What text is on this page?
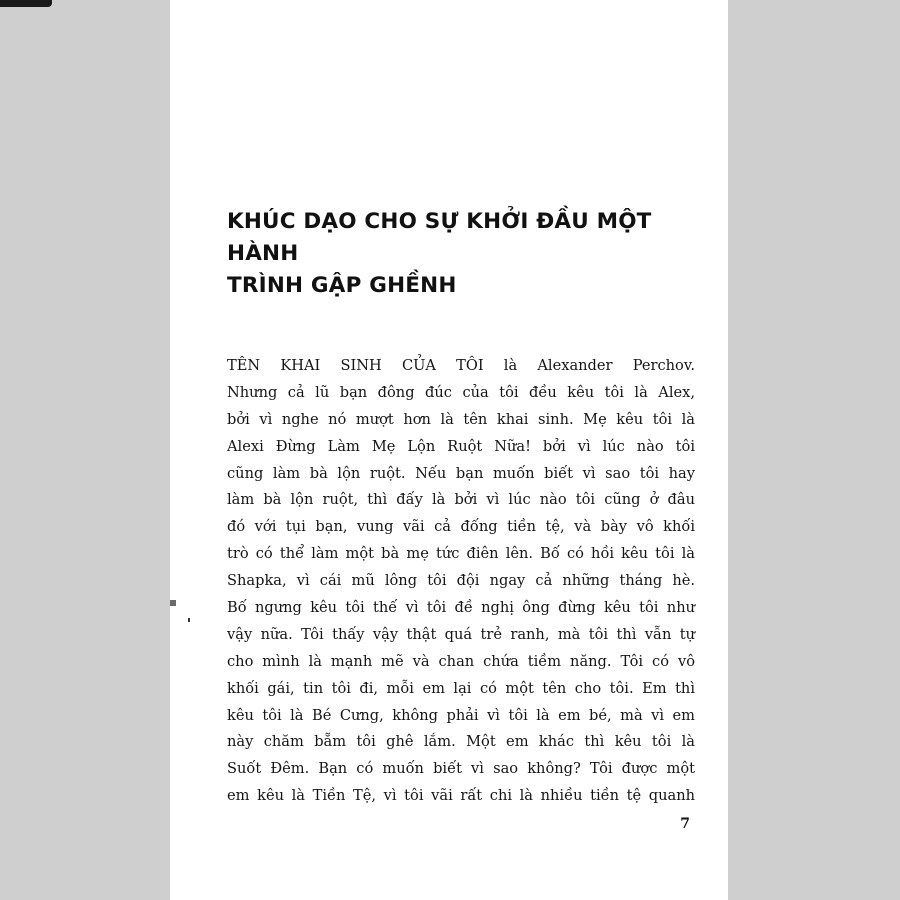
KHÚC DẠO CHO SỰ KHỞI ĐẦU MỘT HÀNH
TRÌNH GẬP GHỀNH
TÊN KHAI SINH CỦA TÔI là Alexander Perchov.
Nhưng cả lũ bạn đông đúc của tôi đều kêu tôi là Alex,
bởi vì nghe nó mượt hơn là tên khai sinh. Mẹ kêu tôi là
Alexi Đừng Làm Mẹ Lộn Ruột Nữa! bởi vì lúc nào tôi
cũng làm bà lộn ruột. Nếu bạn muốn biết vì sao tôi hay
làm bà lộn ruột, thì đấy là bởi vì lúc nào tôi cũng ở đâu
đó với tụi bạn, vung vãi cả đống tiền tệ, và bày vô khối
trò có thể làm một bà mẹ tức điên lên. Bố có hồi kêu tôi là
Shapka, vì cái mũ lông tôi đội ngay cả những tháng hè.
Bố ngưng kêu tôi thế vì tôi đề nghị ông đừng kêu tôi như
vậy nữa. Tôi thấy vậy thật quá trẻ ranh, mà tôi thì vẫn tự
cho mình là mạnh mẽ và chan chứa tiềm năng. Tôi có vô
khối gái, tin tôi đi, mỗi em lại có một tên cho tôi. Em thì
kêu tôi là Bé Cưng, không phải vì tôi là em bé, mà vì em
này chăm bẵm tôi ghê lắm. Một em khác thì kêu tôi là
Suốt Đêm. Bạn có muốn biết vì sao không? Tôi được một
em kêu là Tiền Tệ, vì tôi vãi rất chi là nhiều tiền tệ quanh
7
